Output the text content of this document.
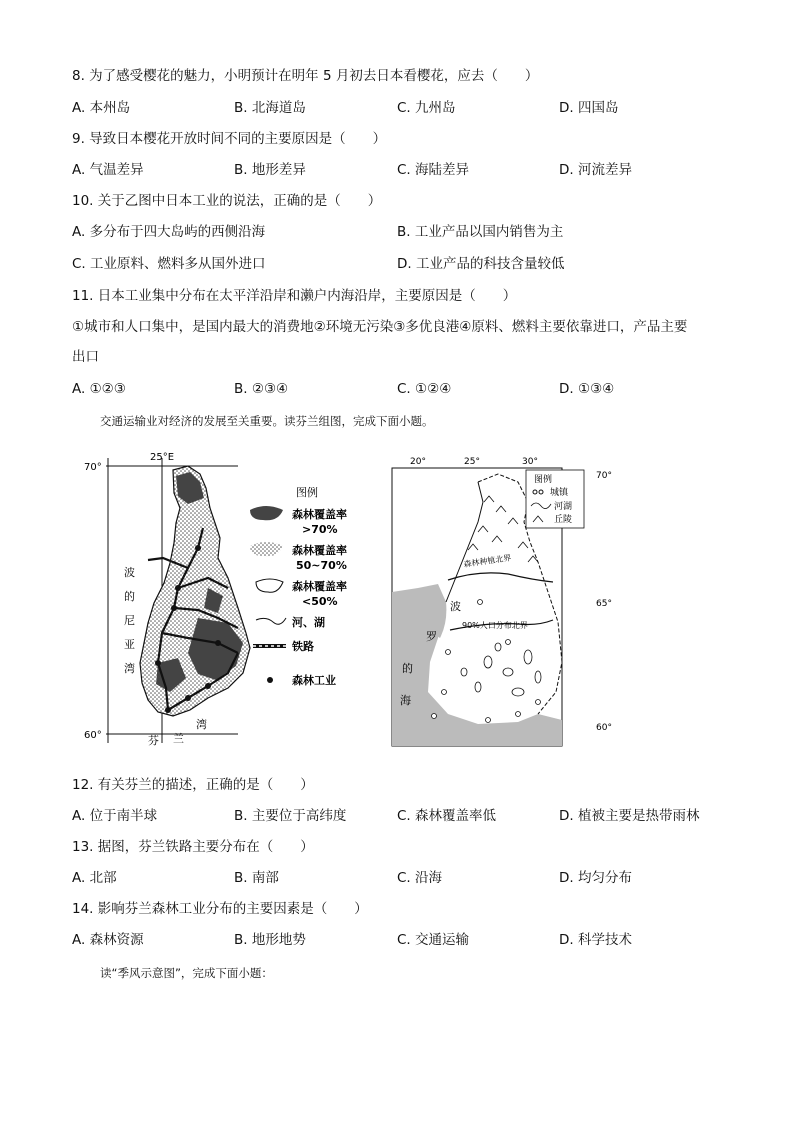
8. 为了感受樱花的魅力，小明预计在明年 5 月初去日本看樱花，应去（　　）
A. 本州岛	B. 北海道岛	C. 九州岛	D. 四国岛
9. 导致日本樱花开放时间不同的主要原因是（　　）
A. 气温差异	B. 地形差异	C. 海陆差异	D. 河流差异
10. 关于乙图中日本工业的说法，正确的是（　　）
A. 多分布于四大岛屿的西侧沿海	B. 工业产品以国内销售为主
C. 工业原料、燃料多从国外进口	D. 工业产品的科技含量较低
11. 日本工业集中分布在太平洋沿岸和濑户内海沿岸，主要原因是（　　）
①城市和人口集中，是国内最大的消费地②环境无污染③多优良港④原料、燃料主要依靠进口，产品主要
出口
A. ①②③	B. ②③④	C. ①②④	D. ①③④
交通运输业对经济的发展至关重要。读芬兰组图，完成下面小题。
70°
60°
25°E
波
的
尼
亚
湾
芬 兰
湾
图例
森林覆盖率
>70%
森林覆盖率
50~70%
森林覆盖率
<50%
河、湖
铁路
森林工业
20°	25°	30°
森林种植北界
90%人口分布北界
波
罗
的
海
70°
65°
60°
图例
城镇
河湖
丘陵
12. 有关芬兰的描述，正确的是（　　）
A. 位于南半球	B. 主要位于高纬度	C. 森林覆盖率低	D. 植被主要是热带雨林
13. 据图，芬兰铁路主要分布在（　　）
A. 北部	B. 南部	C. 沿海	D. 均匀分布
14. 影响芬兰森林工业分布的主要因素是（　　）
A. 森林资源	B. 地形地势	C. 交通运输	D. 科学技术
读“季风示意图”，完成下面小题：
